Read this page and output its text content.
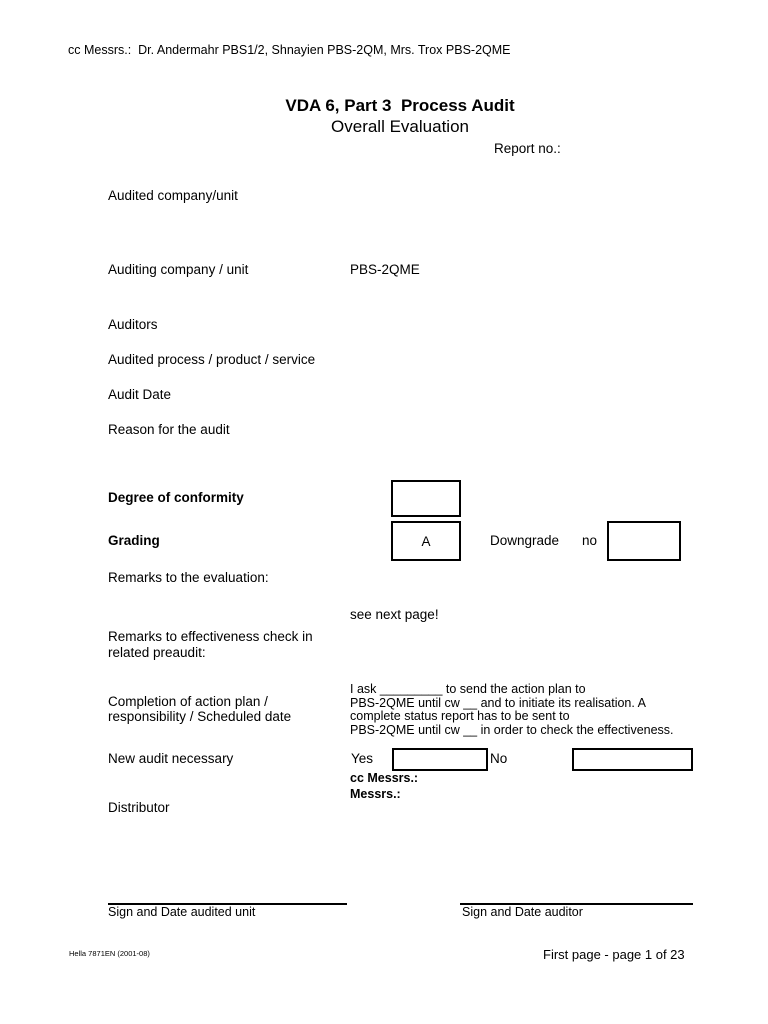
cc Messrs.:  Dr. Andermahr PBS1/2, Shnayien PBS-2QM, Mrs. Trox PBS-2QME
VDA 6, Part 3  Process Audit
Overall Evaluation
Report no.:
Audited company/unit
Auditing company / unit	PBS-2QME
Auditors
Audited process / product / service
Audit Date
Reason for the audit
Degree of conformity
Grading	A	Downgrade no
Remarks to the evaluation:
see next page!
Remarks to effectiveness check in
related preaudit:
Completion of action plan /
responsibility / Scheduled date
I ask _________ to send the action plan to
PBS-2QME until cw __ and to initiate its realisation. A
complete status report has to be sent to
PBS-2QME until cw __ in order to check the effectiveness.
New audit necessary	Yes	No
cc Messrs.:
Messrs.:
Distributor
Sign and Date audited unit	Sign and Date auditor
Hella 7871EN (2001-08)	First page - page 1 of 23
